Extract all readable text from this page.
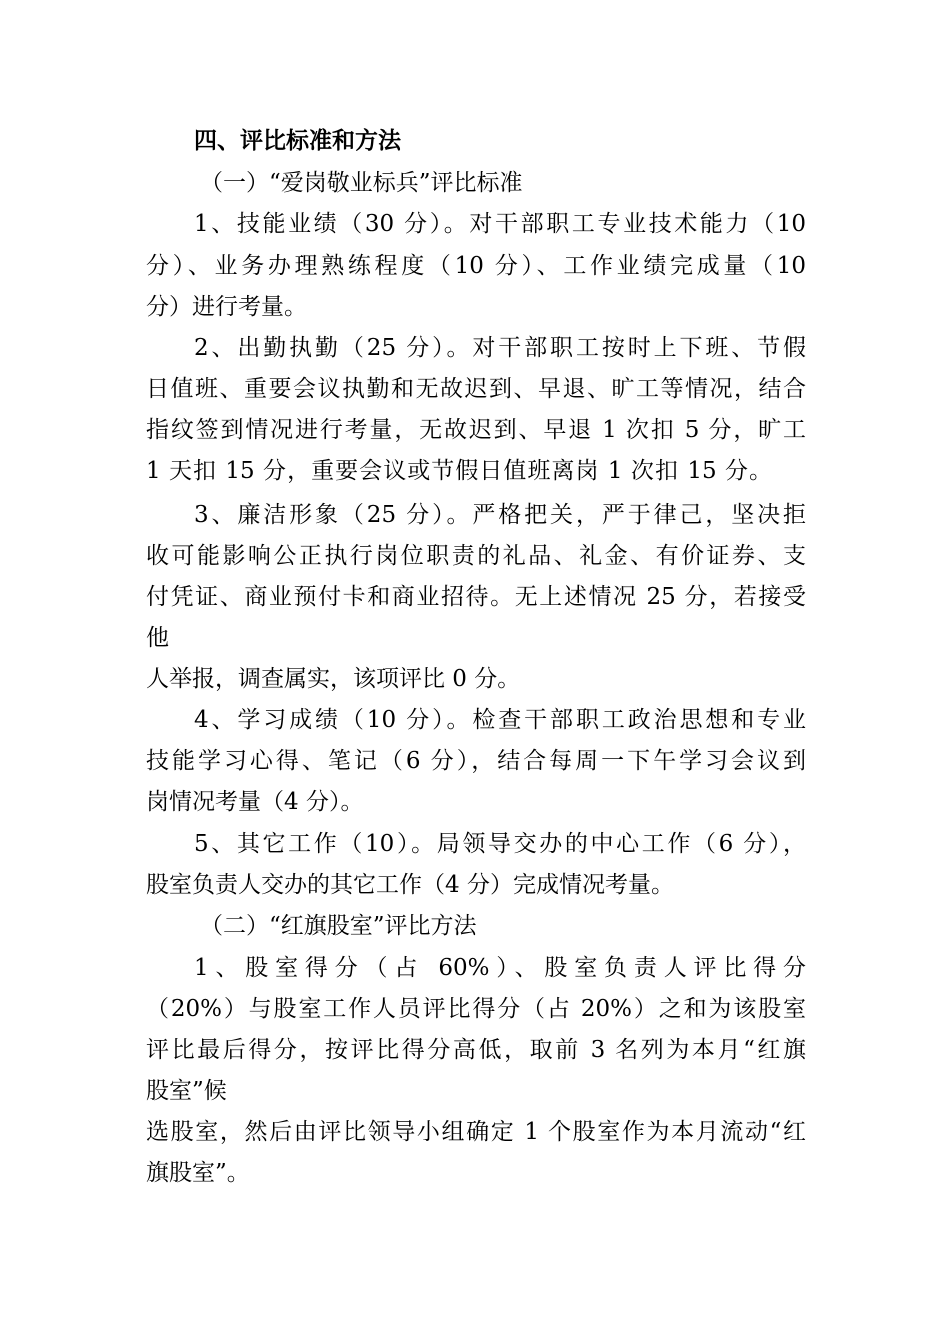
四、评比标准和方法
（一）“爱岗敬业标兵”评比标准
1、技能业绩（30 分）。对干部职工专业技术能力（10
分）、业务办理熟练程度（10 分）、工作业绩完成量（10
分）进行考量。
2、出勤执勤（25 分）。对干部职工按时上下班、节假
日值班、重要会议执勤和无故迟到、早退、旷工等情况，结合
指纹签到情况进行考量，无故迟到、早退 1 次扣 5 分，旷工
1 天扣 15 分，重要会议或节假日值班离岗 1 次扣 15 分。
3、廉洁形象（25 分）。严格把关，严于律己，坚决拒
收可能影响公正执行岗位职责的礼品、礼金、有价证券、支
付凭证、商业预付卡和商业招待。无上述情况 25 分，若接受
他
人举报，调查属实，该项评比 0 分。
4、学习成绩（10 分）。检查干部职工政治思想和专业
技能学习心得、笔记（6 分），结合每周一下午学习会议到
岗情况考量（4 分）。
5、其它工作（10）。局领导交办的中心工作（6 分），
股室负责人交办的其它工作（4 分）完成情况考量。
（二）“红旗股室”评比方法
1、股室得分（占 60%）、股室负责人评比得分
（20%）与股室工作人员评比得分（占 20%）之和为该股室
评比最后得分，按评比得分高低，取前 3 名列为本月“红旗
股室”候
选股室，然后由评比领导小组确定 1 个股室作为本月流动“红
旗股室”。
